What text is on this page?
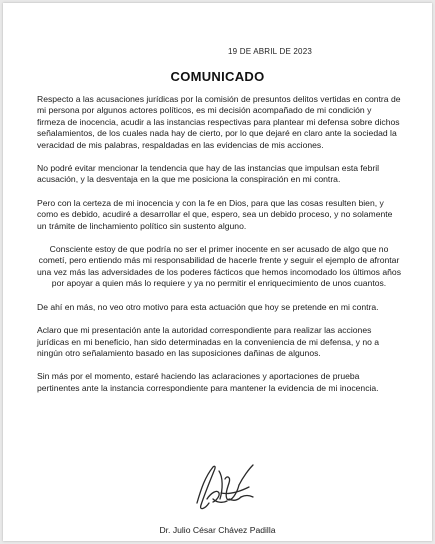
19 DE ABRIL DE 2023
COMUNICADO

Respecto a las acusaciones jurídicas por la comisión de presuntos delitos vertidas en contra de mi persona por algunos actores políticos, es mi decisión acompañado de mi condición y firmeza de inocencia, acudir a las instancias respectivas para plantear mi defensa sobre dichos señalamientos, de los cuales nada hay de cierto, por lo que dejaré en claro ante la sociedad la veracidad de mis palabras, respaldadas en las evidencias de mis acciones.

No podré evitar mencionar la tendencia que hay de las instancias que impulsan esta febril acusación, y la desventaja en la que me posiciona la conspiración en mi contra.

Pero con la certeza de mi inocencia y con la fe en Dios, para que las cosas resulten bien, y como es debido, acudiré a desarrollar el que, espero, sea un debido proceso, y no solamente un trámite de linchamiento político sin sustento alguno.

Consciente estoy de que podría no ser el primer inocente en ser acusado de algo que no cometí, pero entiendo más mi responsabilidad de hacerle frente y seguir el ejemplo de afrontar una vez más las adversidades de los poderes fácticos que hemos incomodado los últimos años por apoyar a quien más lo requiere y ya no permitir el enriquecimiento de unos cuantos.

De ahí en más, no veo otro motivo para esta actuación que hoy se pretende en mi contra.

Aclaro que mi presentación ante la autoridad correspondiente para realizar las acciones jurídicas en mi beneficio, han sido determinadas en la conveniencia de mi defensa, y no a ningún otro señalamiento basado en las suposiciones dañinas de algunos.

Sin más por el momento, estaré haciendo las aclaraciones y aportaciones de prueba pertinentes ante la instancia correspondiente para mantener la evidencia de mi inocencia.

Dr. Julio César Chávez Padilla
